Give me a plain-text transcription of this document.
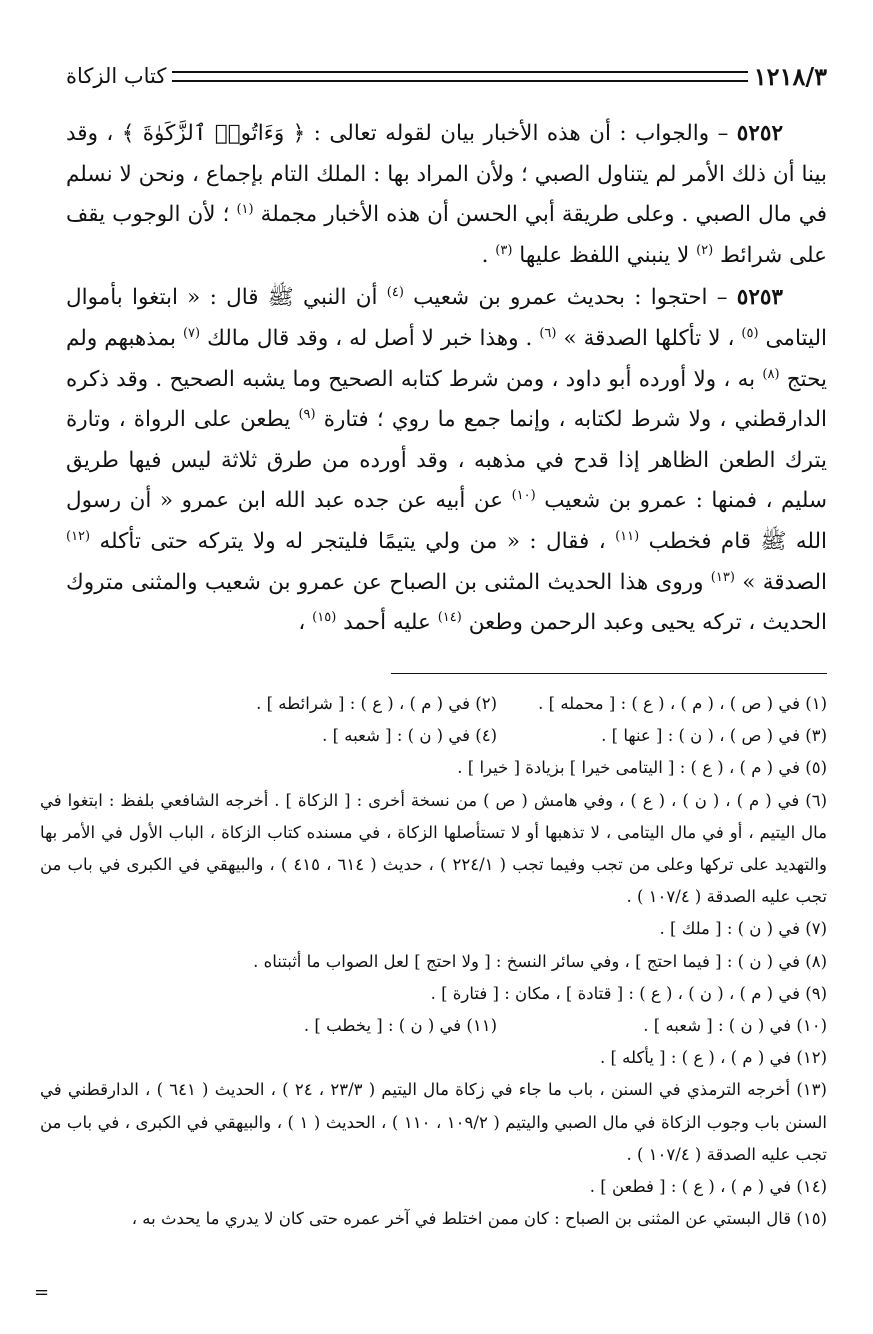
١٢١٨/٣
كتاب الزكاة

٥٢٥٢ – والجواب : أن هذه الأخبار بيان لقوله تعالى : ﴿ وَءَاتُوا۟ ٱلزَّكَوٰةَ ﴾ ، وقد بينا أن ذلك الأمر لم يتناول الصبي ؛ ولأن المراد بها : الملك التام بإجماع ، ونحن لا نسلم في مال الصبي . وعلى طريقة أبي الحسن أن هذه الأخبار مجملة $^{(١)}$ ؛ لأن الوجوب يقف على شرائط $^{(٢)}$ لا ينبني اللفظ عليها $^{(٣)}$ .

٥٢٥٣ – احتجوا : بحديث عمرو بن شعيب $^{(٤)}$ أن النبي ﷺ قال : « ابتغوا بأموال اليتامى $^{(٥)}$ ، لا تأكلها الصدقة » $^{(٦)}$ . وهذا خبر لا أصل له ، وقد قال مالك $^{(٧)}$ بمذهبهم ولم يحتج $^{(٨)}$ به ، ولا أورده أبو داود ، ومن شرط كتابه الصحيح وما يشبه الصحيح . وقد ذكره الدارقطني ، ولا شرط لكتابه ، وإنما جمع ما روي ؛ فتارة $^{(٩)}$ يطعن على الرواة ، وتارة يترك الطعن الظاهر إذا قدح في مذهبه ، وقد أورده من طرق ثلاثة ليس فيها طريق سليم ، فمنها : عمرو بن شعيب $^{(١٠)}$ عن أبيه عن جده عبد الله ابن عمرو « أن رسول الله ﷺ قام فخطب $^{(١١)}$ ، فقال : « من ولي يتيمًا فليتجر له ولا يتركه حتى تأكله $^{(١٢)}$ الصدقة » $^{(١٣)}$ وروى هذا الحديث المثنى بن الصباح عن عمرو بن شعيب والمثنى متروك الحديث ، تركه يحيى وعبد الرحمن وطعن $^{(١٤)}$ عليه أحمد $^{(١٥)}$ ،

(١) في ( ص ) ، ( م ) ، ( ع ) : [ محمله ] .
(٢) في ( م ) ، ( ع ) : [ شرائطه ] .
(٣) في ( ص ) ، ( ن ) : [ عنها ] .
(٤) في ( ن ) : [ شعبه ] .
(٥) في ( م ) ، ( ع ) : [ اليتامى خيرا ] بزيادة [ خيرا ] .
(٦) في ( م ) ، ( ن ) ، ( ع ) ، وفي هامش ( ص ) من نسخة أخرى : [ الزكاة ] . أخرجه الشافعي بلفظ : ابتغوا في مال اليتيم ، أو في مال اليتامى ، لا تذهبها أو لا تستأصلها الزكاة ، في مسنده كتاب الزكاة ، الباب الأول في الأمر بها والتهديد على تركها وعلى من تجب وفيما تجب ( ٢٢٤/١ ) ، حديث ( ٦١٤ ، ٤١٥ ) ، والبيهقي في الكبرى في باب من تجب عليه الصدقة ( ١٠٧/٤ ) .
(٧) في ( ن ) : [ ملك ] .
(٨) في ( ن ) : [ فيما احتج ] ، وفي سائر النسخ : [ ولا احتج ] لعل الصواب ما أثبتناه .
(٩) في ( م ) ، ( ن ) ، ( ع ) : [ قتادة ] ، مكان : [ فتارة ] .
(١٠) في ( ن ) : [ شعبه ] .
(١١) في ( ن ) : [ يخطب ] .
(١٢) في ( م ) ، ( ع ) : [ يأكله ] .
(١٣) أخرجه الترمذي في السنن ، باب ما جاء في زكاة مال اليتيم ( ٢٣/٣ ، ٢٤ ) ، الحديث ( ٦٤١ ) ، الدارقطني في السنن باب وجوب الزكاة في مال الصبي واليتيم ( ١٠٩/٢ ، ١١٠ ) ، الحديث ( ١ ) ، والبيهقي في الكبرى ، في باب من تجب عليه الصدقة ( ١٠٧/٤ ) .
(١٤) في ( م ) ، ( ع ) : [ فطعن ] .
(١٥) قال البستي عن المثنى بن الصباح : كان ممن اختلط في آخر عمره حتى كان لا يدري ما يحدث به ،
=
